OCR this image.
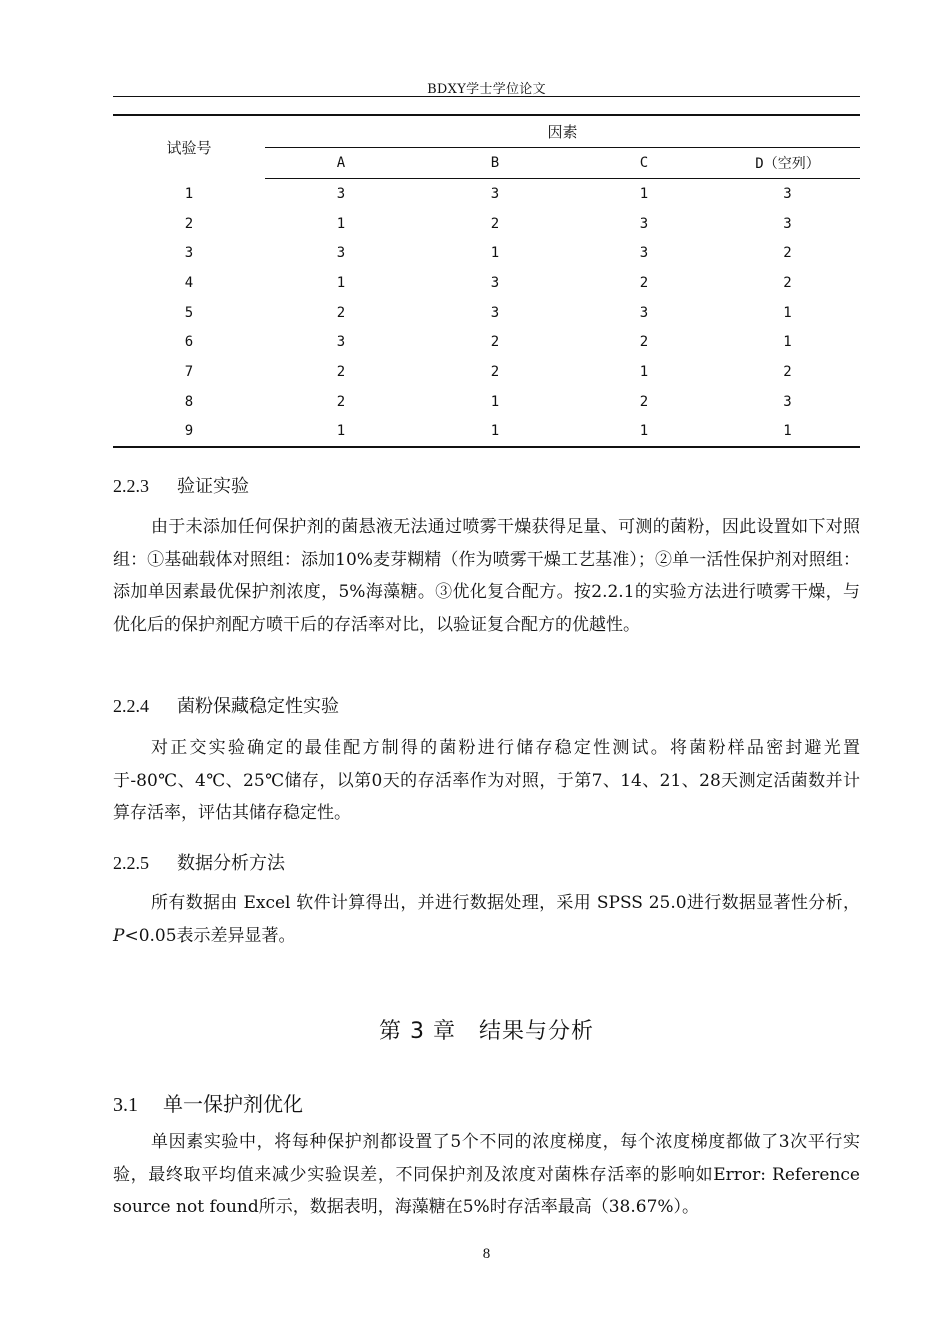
BDXY学士学位论文
试验号	因素			
	A	B	C	D（空列）
1	3	3	1	3
2	1	2	3	3
3	3	1	3	2
4	1	3	2	2
5	2	3	3	1
6	3	2	2	1
7	2	2	1	2
8	2	1	2	3
9	1	1	1	1
2.2.3 验证实验
由于未添加任何保护剂的菌悬液无法通过喷雾干燥获得足量、可测的菌粉，因此设置如下对照组：①基础载体对照组：添加10%麦芽糊精（作为喷雾干燥工艺基准）；②单一活性保护剂对照组：添加单因素最优保护剂浓度，5%海藻糖。③优化复合配方。按2.2.1的实验方法进行喷雾干燥，与优化后的保护剂配方喷干后的存活率对比，以验证复合配方的优越性。
2.2.4 菌粉保藏稳定性实验
对正交实验确定的最佳配方制得的菌粉进行储存稳定性测试。将菌粉样品密封避光置于-80℃、4℃、25℃储存，以第0天的存活率作为对照，于第7、14、21、28天测定活菌数并计算存活率，评估其储存稳定性。
2.2.5 数据分析方法
所有数据由 Excel 软件计算得出，并进行数据处理，采用 SPSS 25.0进行数据显著性分析，P<0.05表示差异显著。
第 3 章　结果与分析
3.1 单一保护剂优化
单因素实验中，将每种保护剂都设置了5个不同的浓度梯度，每个浓度梯度都做了3次平行实验，最终取平均值来减少实验误差，不同保护剂及浓度对菌株存活率的影响如Error: Reference source not found所示，数据表明，海藻糖在5%时存活率最高（38.67%）。
8
